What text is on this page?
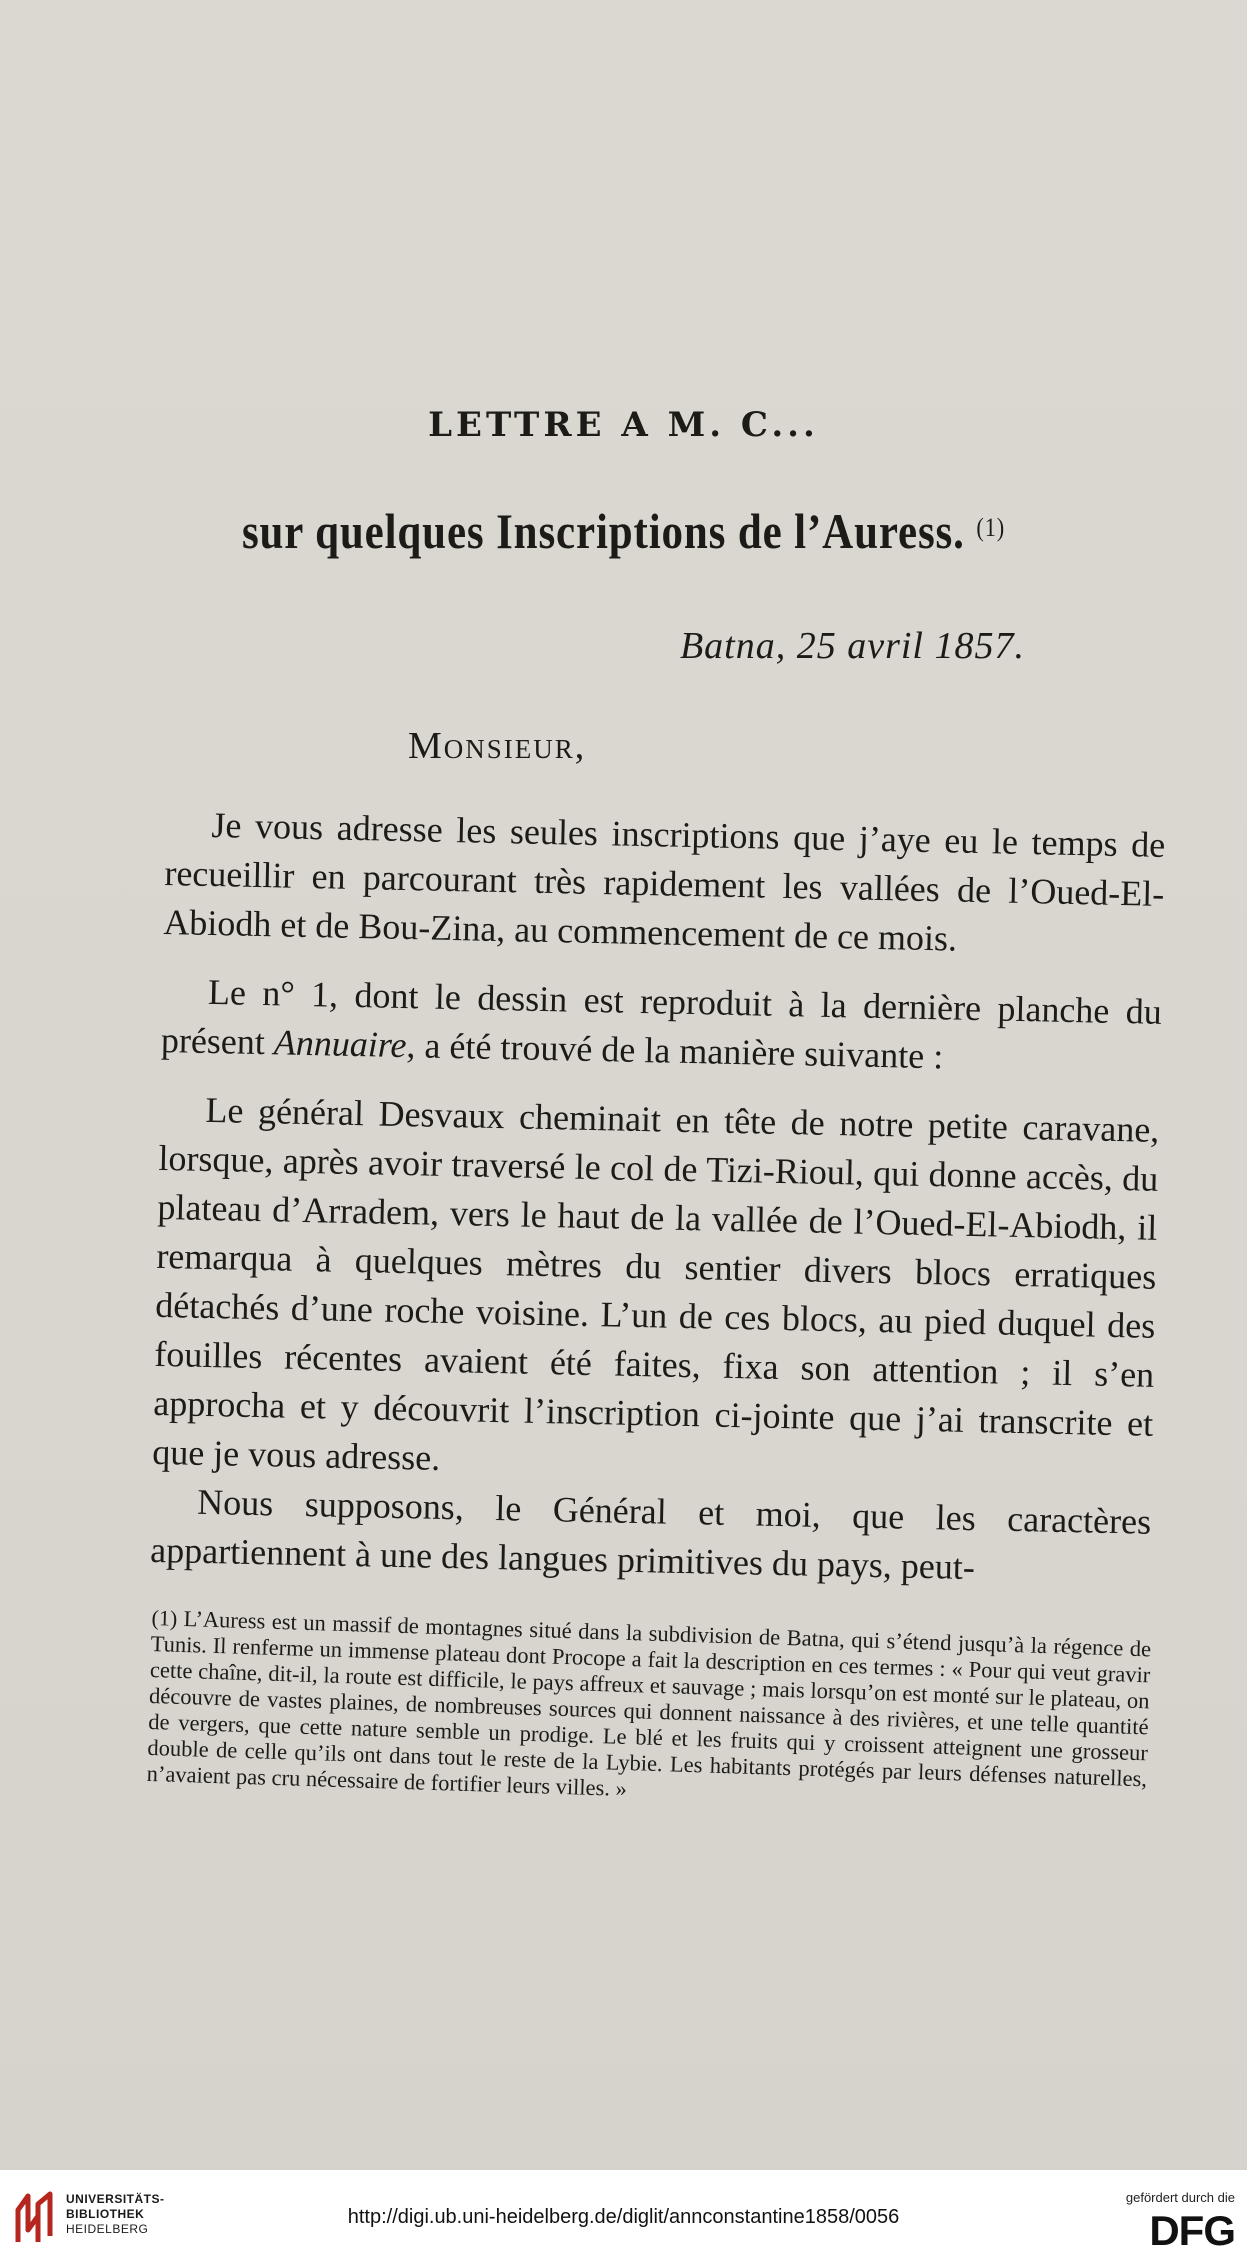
LETTRE A M. C...
sur quelques Inscriptions de l’Auress. $^{(1)}$
Batna, 25 avril 1857.
Monsieur,

Je vous adresse les seules inscriptions que j’aye eu le temps de recueillir en parcourant très rapidement les vallées de l’Oued-El-Abiodh et de Bou-Zina, au commencement de ce mois.

Le n° 1, dont le dessin est reproduit à la dernière planche du présent Annuaire, a été trouvé de la manière suivante :

Le général Desvaux cheminait en tête de notre petite caravane, lorsque, après avoir traversé le col de Tizi-Rioul, qui donne accès, du plateau d’Arradem, vers le haut de la vallée de l’Oued-El-Abiodh, il remarqua à quelques mètres du sentier divers blocs erratiques détachés d’une roche voisine. L’un de ces blocs, au pied duquel des fouilles récentes avaient été faites, fixa son attention ; il s’en approcha et y découvrit l’inscription ci-jointe que j’ai transcrite et que je vous adresse.

Nous supposons, le Général et moi, que les caractères appartiennent à une des langues primitives du pays, peut-

(1) L’Auress est un massif de montagnes situé dans la subdivision de Batna, qui s’étend jusqu’à la régence de Tunis. Il renferme un immense plateau dont Procope a fait la description en ces termes : « Pour qui veut gravir cette chaîne, dit-il, la route est difficile, le pays affreux et sauvage ; mais lorsqu’on est monté sur le plateau, on découvre de vastes plaines, de nombreuses sources qui donnent naissance à des rivières, et une telle quantité de vergers, que cette nature semble un prodige. Le blé et les fruits qui y croissent atteignent une grosseur double de celle qu’ils ont dans tout le reste de la Lybie. Les habitants protégés par leurs défenses naturelles, n’avaient pas cru nécessaire de fortifier leurs villes. »
UNIVERSITÄTS-
BIBLIOTHEK
HEIDELBERG
http://digi.ub.uni-heidelberg.de/diglit/annconstantine1858/0056
gefördert durch die
DFG
